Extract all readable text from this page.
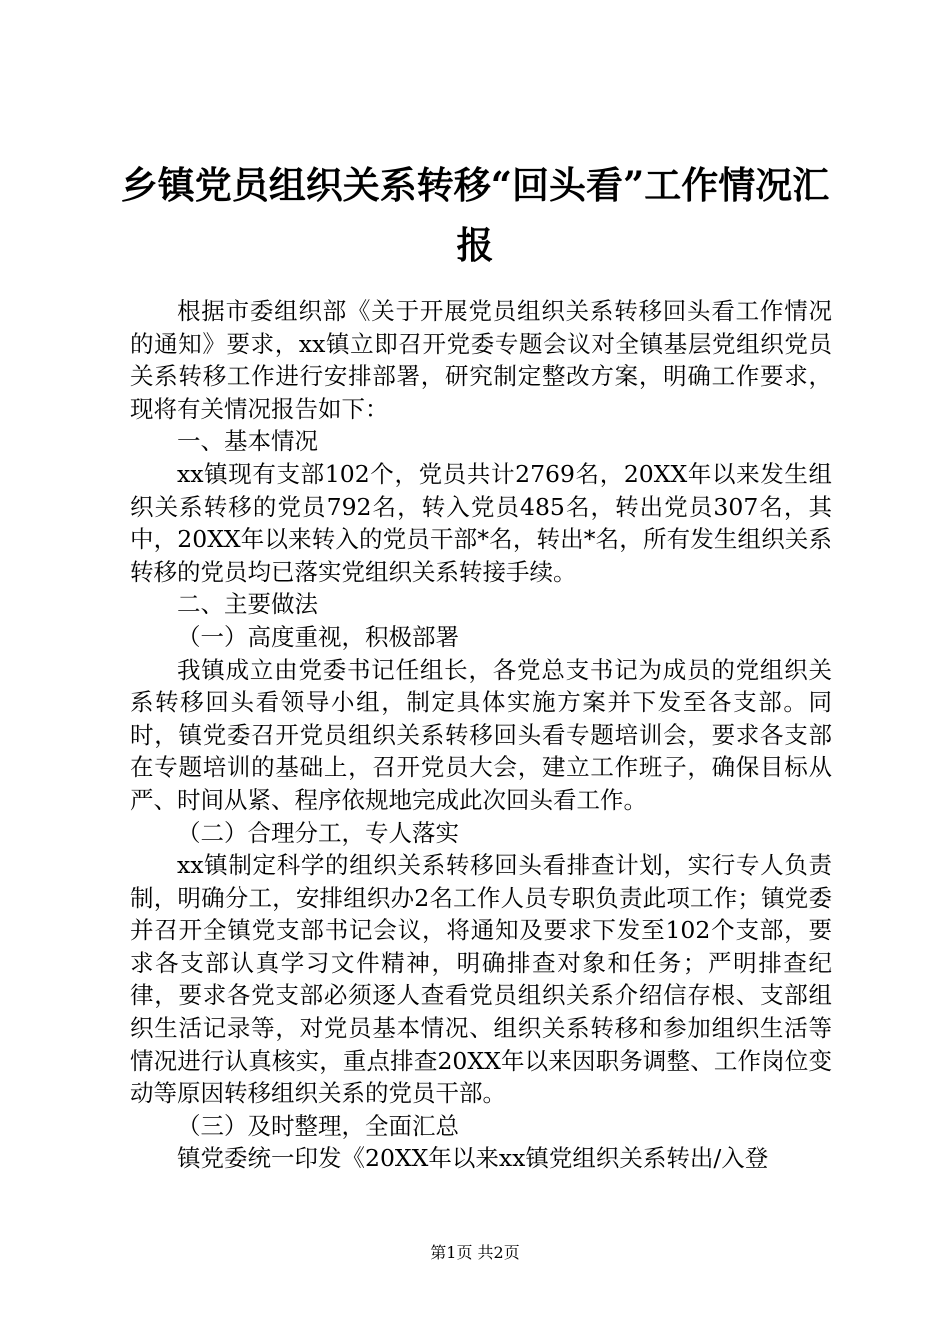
乡镇党员组织关系转移“回头看”工作情况汇报

根据市委组织部《关于开展党员组织关系转移回头看工作情况的通知》要求，xx镇立即召开党委专题会议对全镇基层党组织党员关系转移工作进行安排部署，研究制定整改方案，明确工作要求，现将有关情况报告如下：

一、基本情况

xx镇现有支部102个，党员共计2769名，20XX年以来发生组织关系转移的党员792名，转入党员485名，转出党员307名，其中，20XX年以来转入的党员干部*名，转出*名，所有发生组织关系转移的党员均已落实党组织关系转接手续。

二、主要做法

（一）高度重视，积极部署

我镇成立由党委书记任组长，各党总支书记为成员的党组织关系转移回头看领导小组，制定具体实施方案并下发至各支部。同时，镇党委召开党员组织关系转移回头看专题培训会，要求各支部在专题培训的基础上，召开党员大会，建立工作班子，确保目标从严、时间从紧、程序依规地完成此次回头看工作。

（二）合理分工，专人落实

xx镇制定科学的组织关系转移回头看排查计划，实行专人负责制，明确分工，安排组织办2名工作人员专职负责此项工作；镇党委并召开全镇党支部书记会议，将通知及要求下发至102个支部，要求各支部认真学习文件精神，明确排查对象和任务；严明排查纪律，要求各党支部必须逐人查看党员组织关系介绍信存根、支部组织生活记录等，对党员基本情况、组织关系转移和参加组织生活等情况进行认真核实，重点排查20XX年以来因职务调整、工作岗位变动等原因转移组织关系的党员干部。

（三）及时整理，全面汇总

镇党委统一印发《20XX年以来xx镇党组织关系转出/入登

第1页 共2页
